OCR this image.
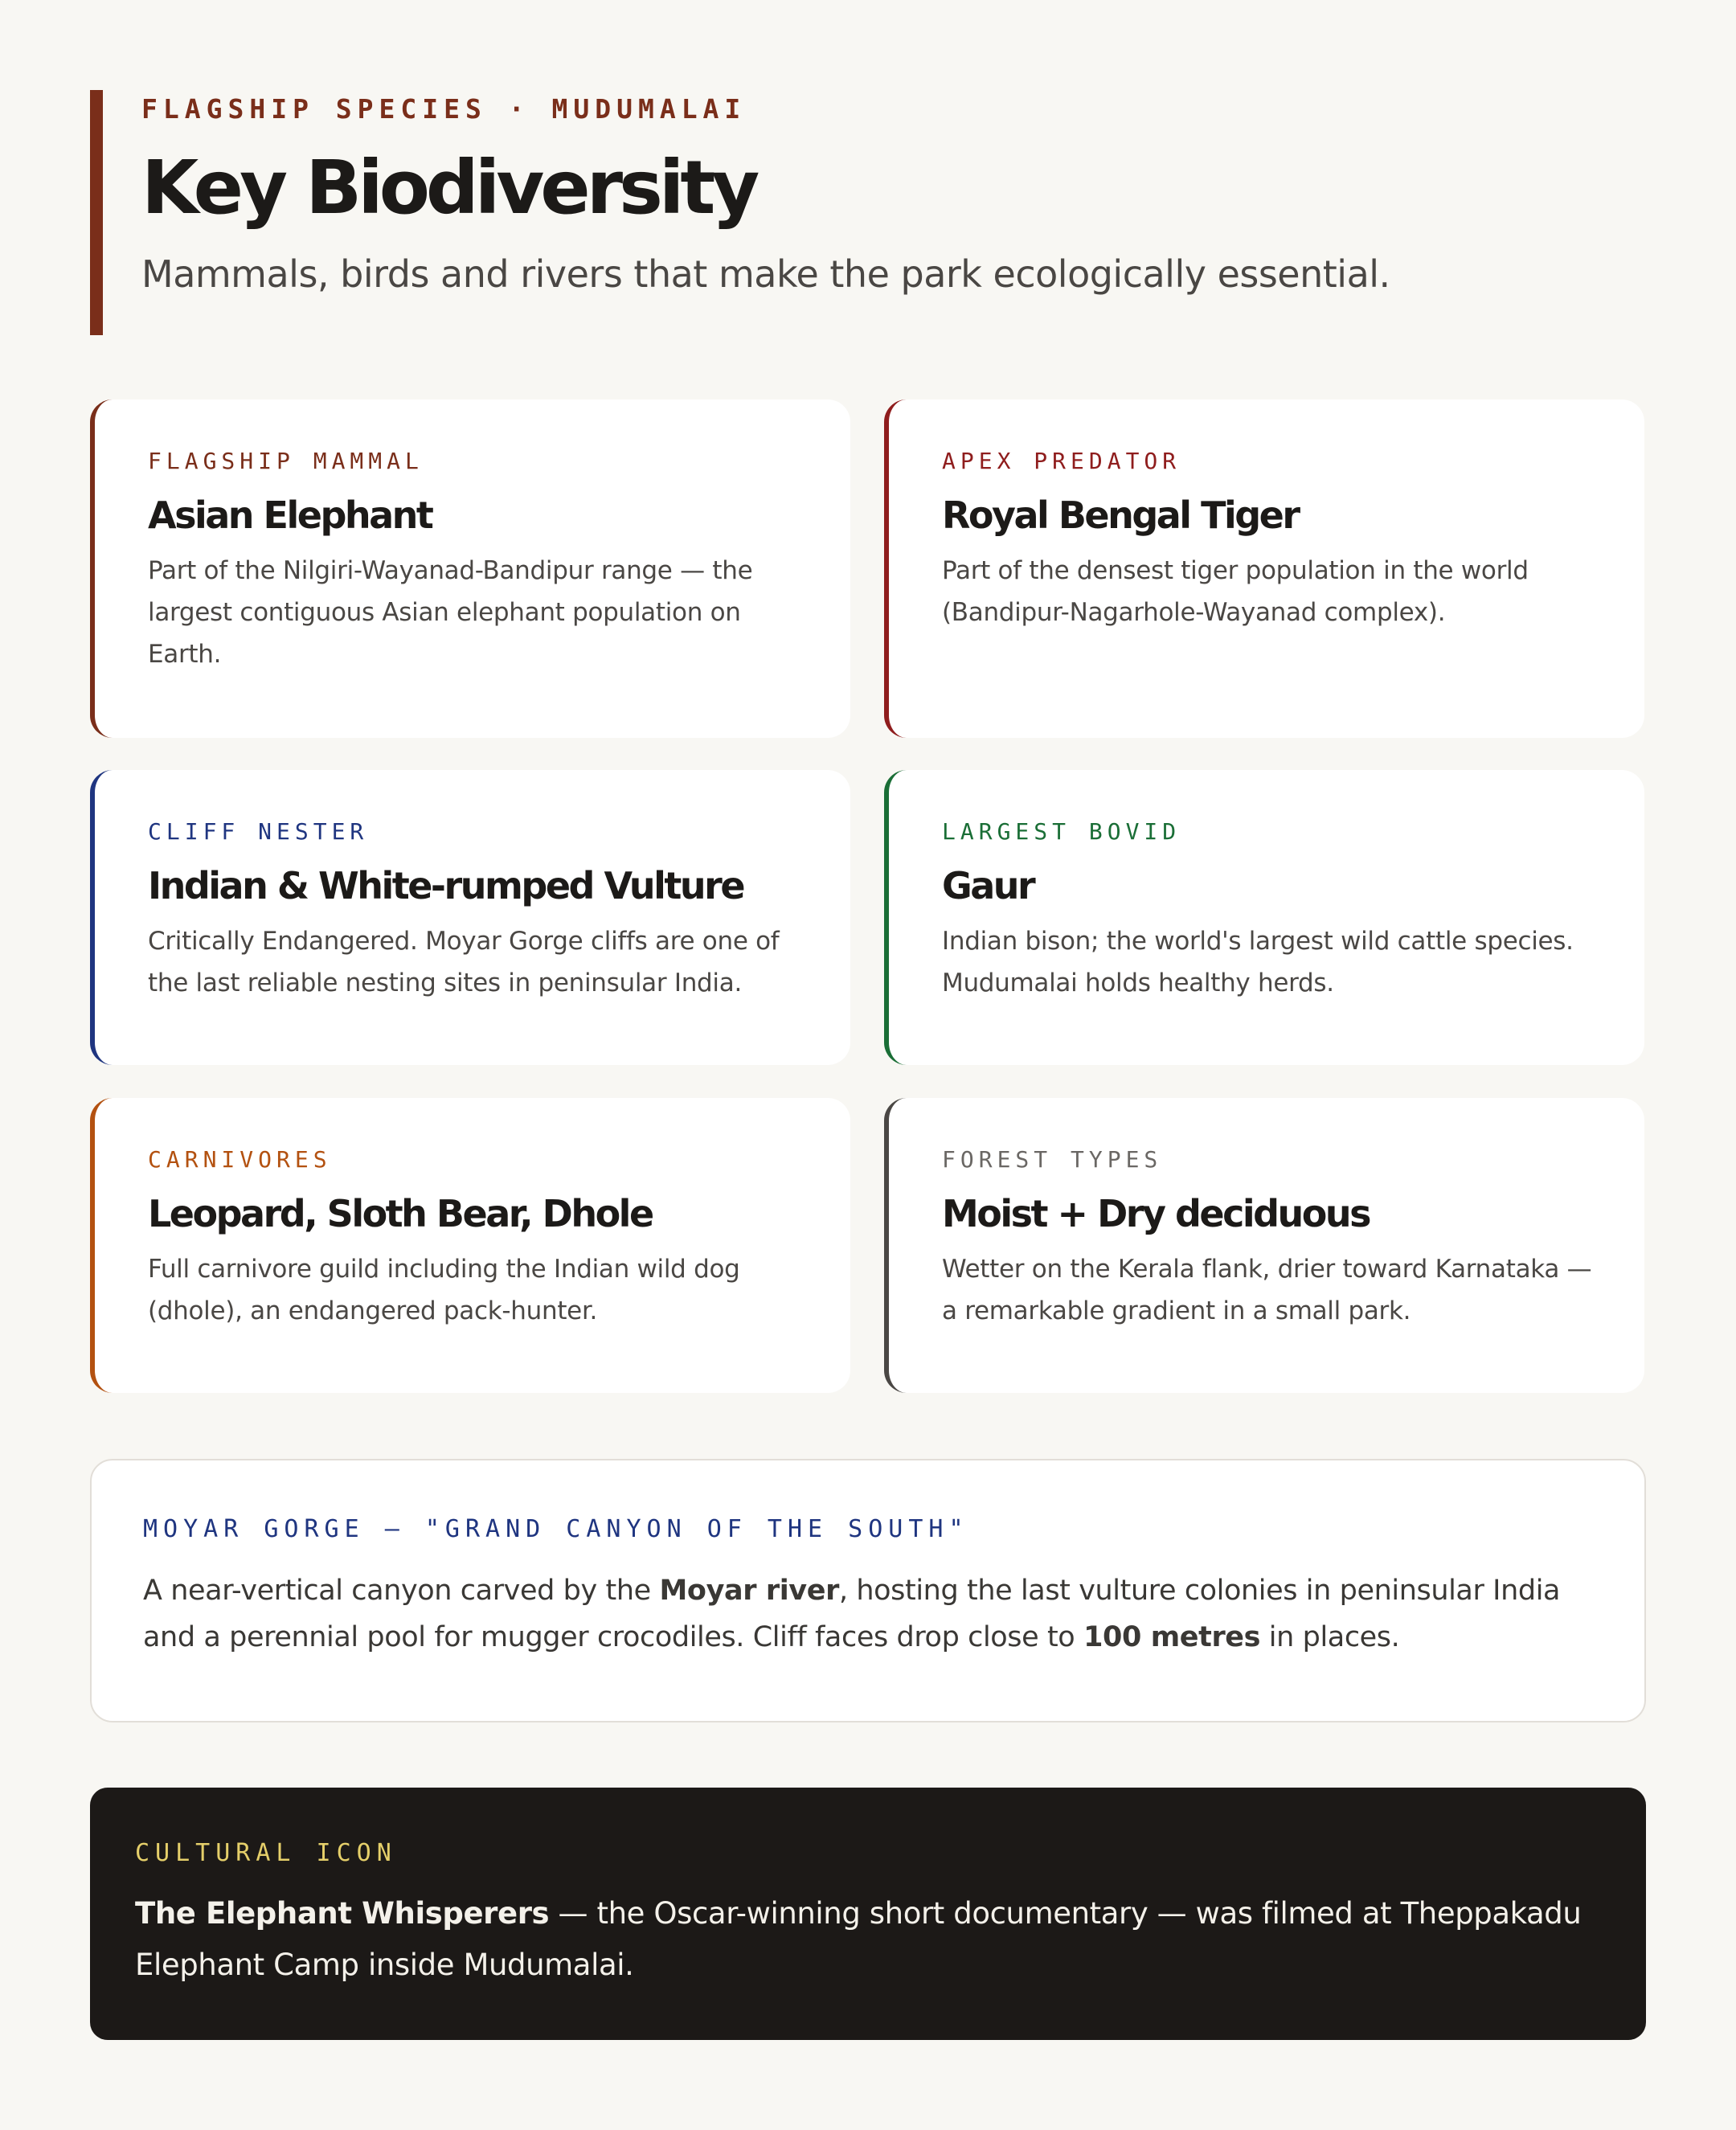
FLAGSHIP SPECIES · MUDUMALAI
Key Biodiversity
Mammals, birds and rivers that make the park ecologically essential.
FLAGSHIP MAMMAL
Asian Elephant
Part of the Nilgiri-Wayanad-Bandipur range — the largest contiguous Asian elephant population on Earth.
APEX PREDATOR
Royal Bengal Tiger
Part of the densest tiger population in the world (Bandipur-Nagarhole-Wayanad complex).
CLIFF NESTER
Indian & White-rumped Vulture
Critically Endangered. Moyar Gorge cliffs are one of the last reliable nesting sites in peninsular India.
LARGEST BOVID
Gaur
Indian bison; the world's largest wild cattle species. Mudumalai holds healthy herds.
CARNIVORES
Leopard, Sloth Bear, Dhole
Full carnivore guild including the Indian wild dog (dhole), an endangered pack-hunter.
FOREST TYPES
Moist + Dry deciduous
Wetter on the Kerala flank, drier toward Karnataka — a remarkable gradient in a small park.
MOYAR GORGE — "GRAND CANYON OF THE SOUTH"
A near-vertical canyon carved by the Moyar river, hosting the last vulture colonies in peninsular India and a perennial pool for mugger crocodiles. Cliff faces drop close to 100 metres in places.
CULTURAL ICON
The Elephant Whisperers — the Oscar-winning short documentary — was filmed at Theppakadu Elephant Camp inside Mudumalai.
